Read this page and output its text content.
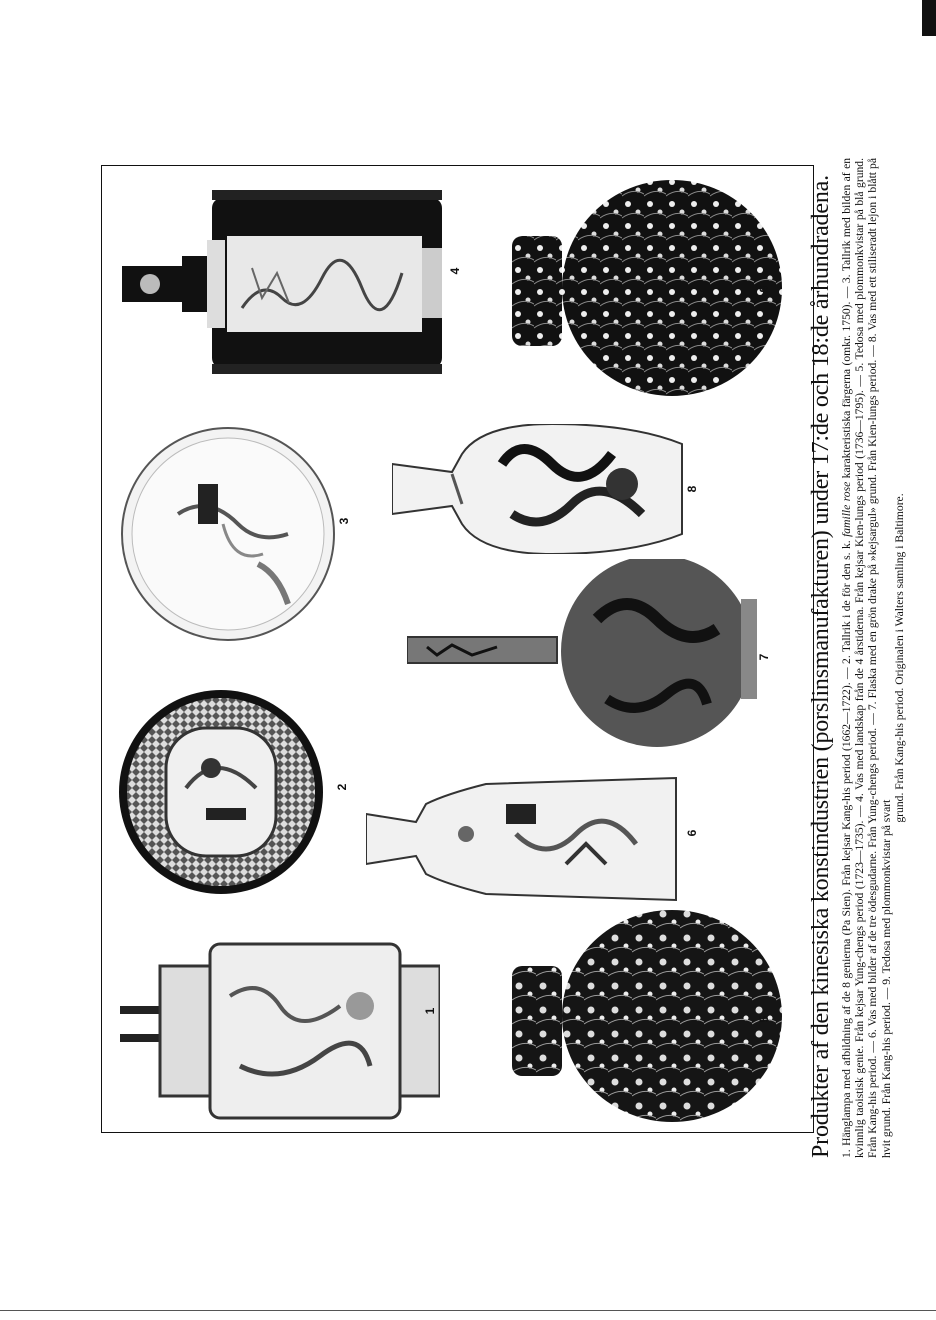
4
3
2
1
9
8
7
6
5 Produkter af den kinesiska konstindustrien (porslinsmanufakturen) under 17:de och 18:de århundradena. 1. Hänglampa med afbildning af de 8 genierna (Pa Sien). Från kejsar Kang-his period (1662—1722). — 2. Tallrik i de för den s. k. famille rose karakteristiska färgerna (omkr. 1750). — 3. Tallrik med bilden af en kvinnlig taoistisk genie. Från kejsar Yung-chengs period (1723—1735). — 4. Vas med landskap från de 4 årstiderna. Från kejsar Kien-lungs period (1736—1795). — 5. Tedosa med plommonkvistar på blå grund. Från Kang-his period. — 6. Vas med bilder af de tre ödesgudarne. Från Yung-chengs period. — 7. Flaska med en grön drake på »kejsargul» grund. Från Kien-lungs period. — 8. Vas med ett stiliseradt lejon i blått på hvit grund. Från Kang-his period. — 9. Tedosa med plommonkvistar på svart
grund. Från Kang-his period. Originalen i Walters samling i Baltimore.
